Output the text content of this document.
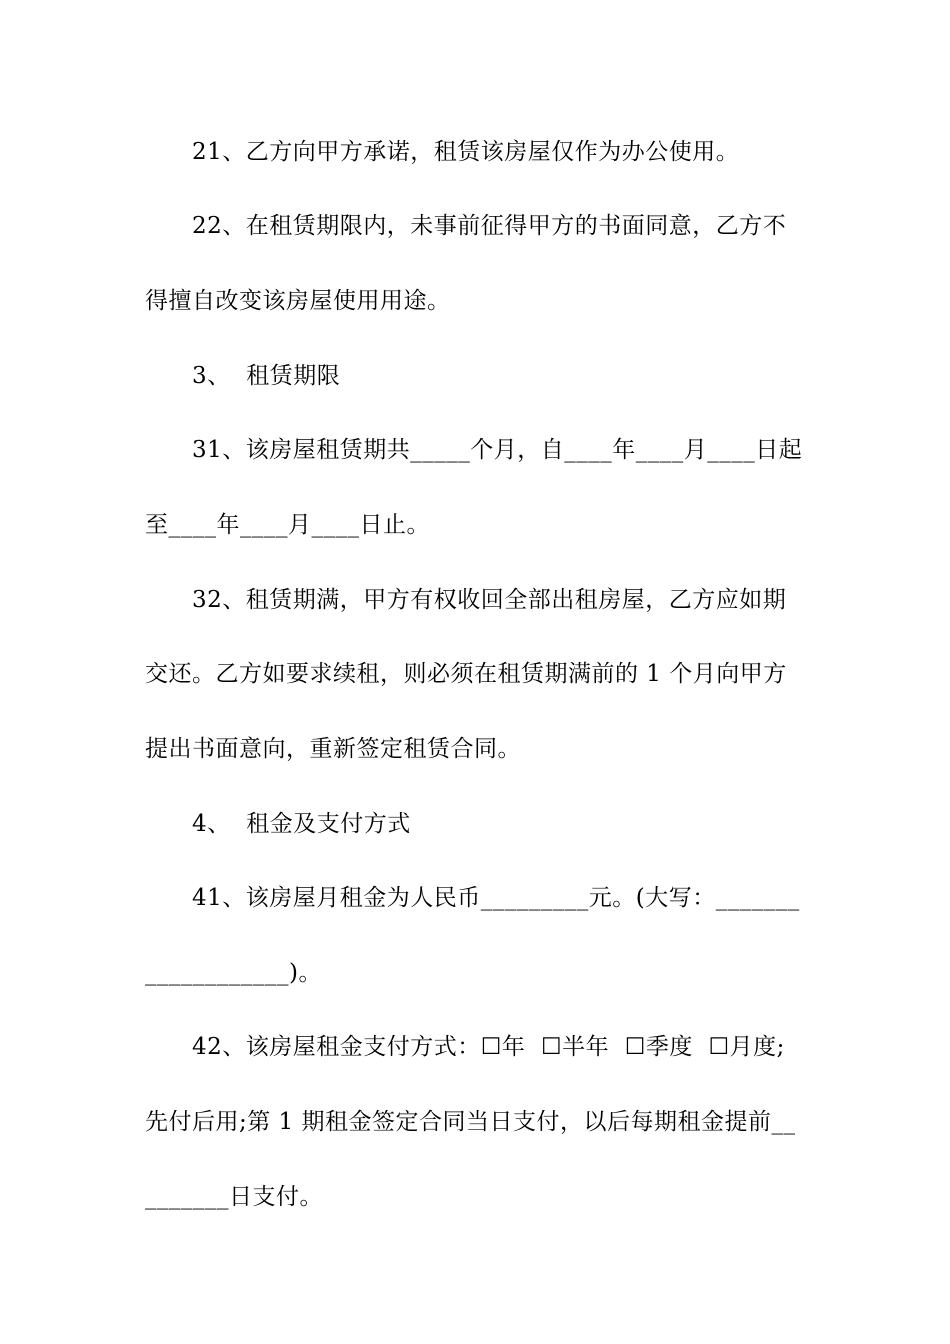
21、乙方向甲方承诺，租赁该房屋仅作为办公使用。
22、在租赁期限内，未事前征得甲方的书面同意，乙方不
得擅自改变该房屋使用用途。
3、  租赁期限
31、该房屋租赁期共_____个月，自____年____月____日起
至____年____月____日止。
32、租赁期满，甲方有权收回全部出租房屋，乙方应如期
交还。乙方如要求续租，则必须在租赁期满前的 1 个月向甲方
提出书面意向，重新签定租赁合同。
4、  租金及支付方式
41、该房屋月租金为人民币_________元。(大写：_______
____________)。
42、该房屋租金支付方式：☐年  ☐半年  ☐季度  ☐月度;
先付后用;第 1 期租金签定合同当日支付，以后每期租金提前__
_______日支付。
